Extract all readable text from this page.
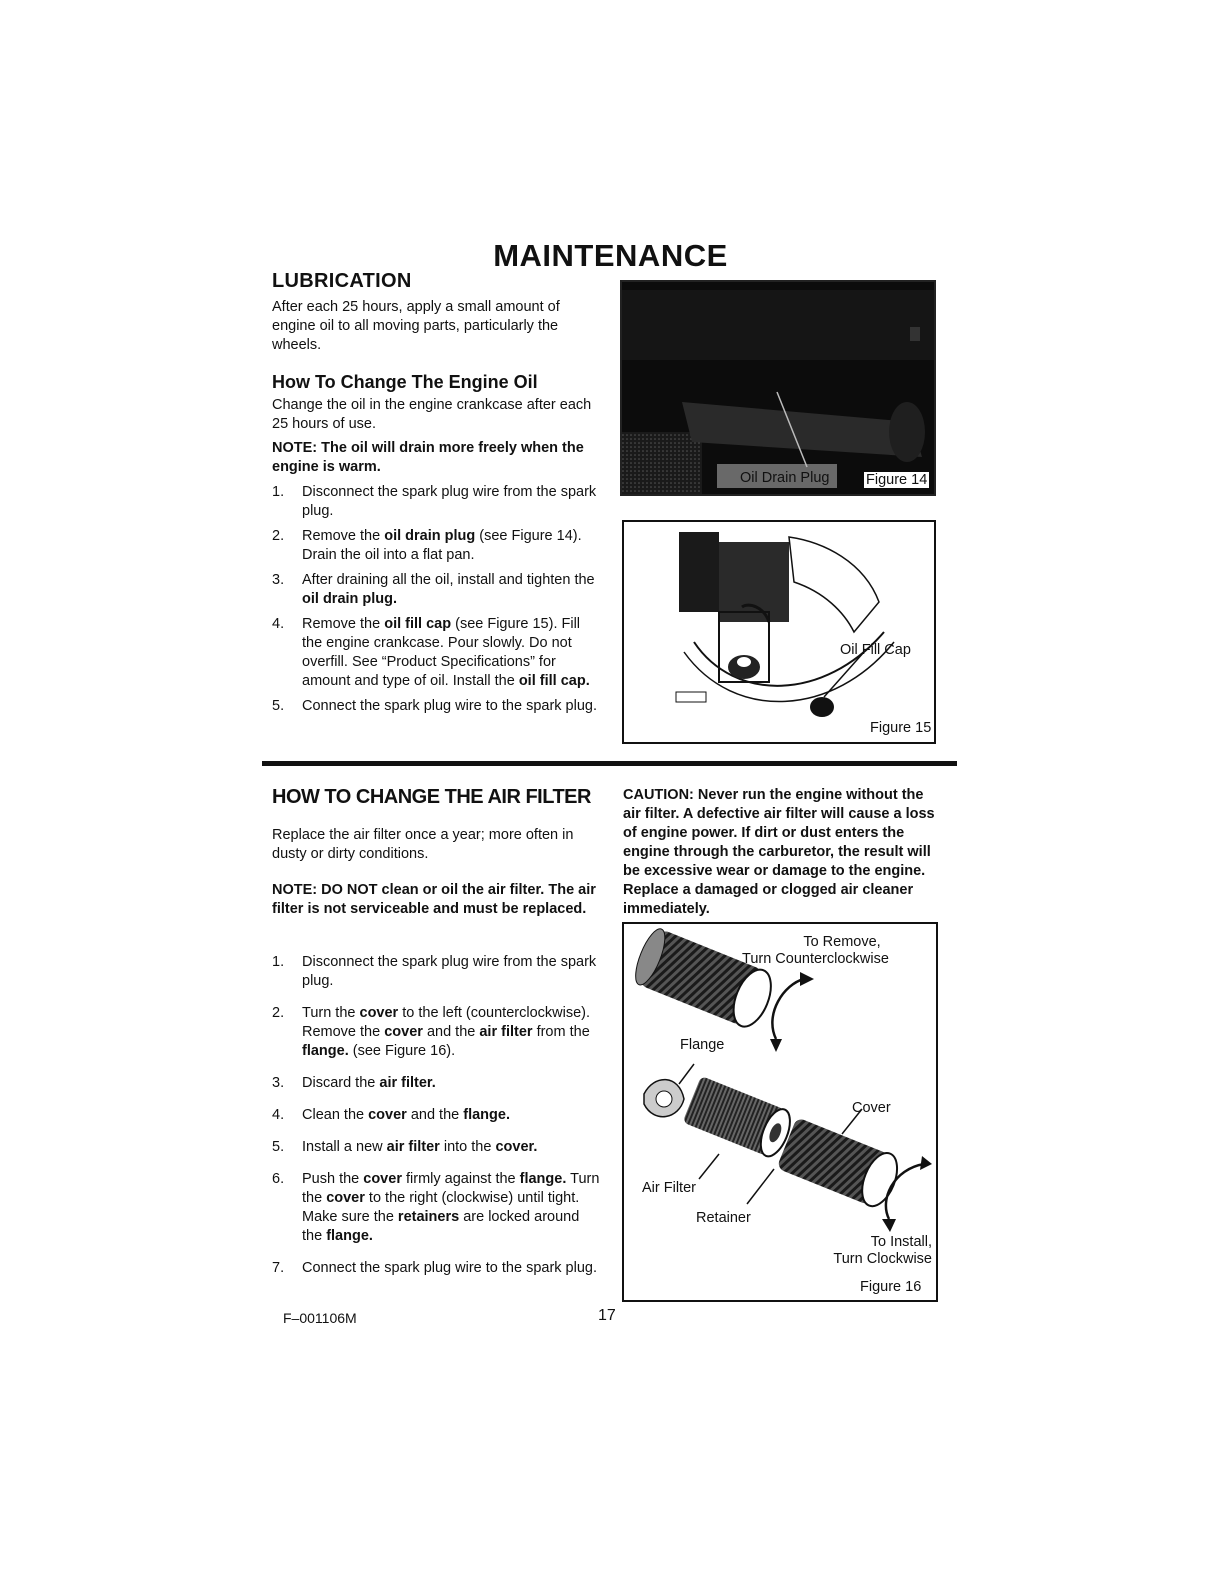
MAINTENANCE
LUBRICATION
After each 25 hours, apply a small amount of engine oil to all moving parts, particularly the wheels.
How To Change The Engine Oil
Change the oil in the engine crankcase after each 25 hours of use.
NOTE: The oil will drain more freely when the engine is warm.
1. Disconnect the spark plug wire from the spark plug.
2. Remove the oil drain plug (see Figure 14). Drain the oil into a flat pan.
3. After draining all the oil, install and tighten the oil drain plug.
4. Remove the oil fill cap (see Figure 15). Fill the engine crankcase. Pour slowly. Do not overfill. See “Product Specifications” for amount and type of oil. Install the oil fill cap.
5. Connect the spark plug wire to the spark plug.
Oil Drain Plug	Figure 14
Oil Fill Cap
Figure 15
HOW TO CHANGE THE AIR FILTER
Replace the air filter once a year; more often in dusty or dirty conditions.
NOTE: DO NOT clean or oil the air filter. The air filter is not serviceable and must be replaced.
1. Disconnect the spark plug wire from the spark plug.
2. Turn the cover to the left (counterclockwise). Remove the cover and the air filter from the flange. (see Figure 16).
3. Discard the air filter.
4. Clean the cover and the flange.
5. Install a new air filter into the cover.
6. Push the cover firmly against the flange. Turn the cover to the right (clockwise) until tight. Make sure the retainers are locked around the flange.
7. Connect the spark plug wire to the spark plug.
CAUTION: Never run the engine without the air filter. A defective air filter will cause a loss of engine power. If dirt or dust enters the engine through the carburetor, the result will be excessive wear or damage to the engine. Replace a damaged or clogged air cleaner immediately.
To Remove,
Turn Counterclockwise
Flange
Cover
Air Filter
Retainer
To Install,
Turn Clockwise
Figure 16
F–001106M	17
